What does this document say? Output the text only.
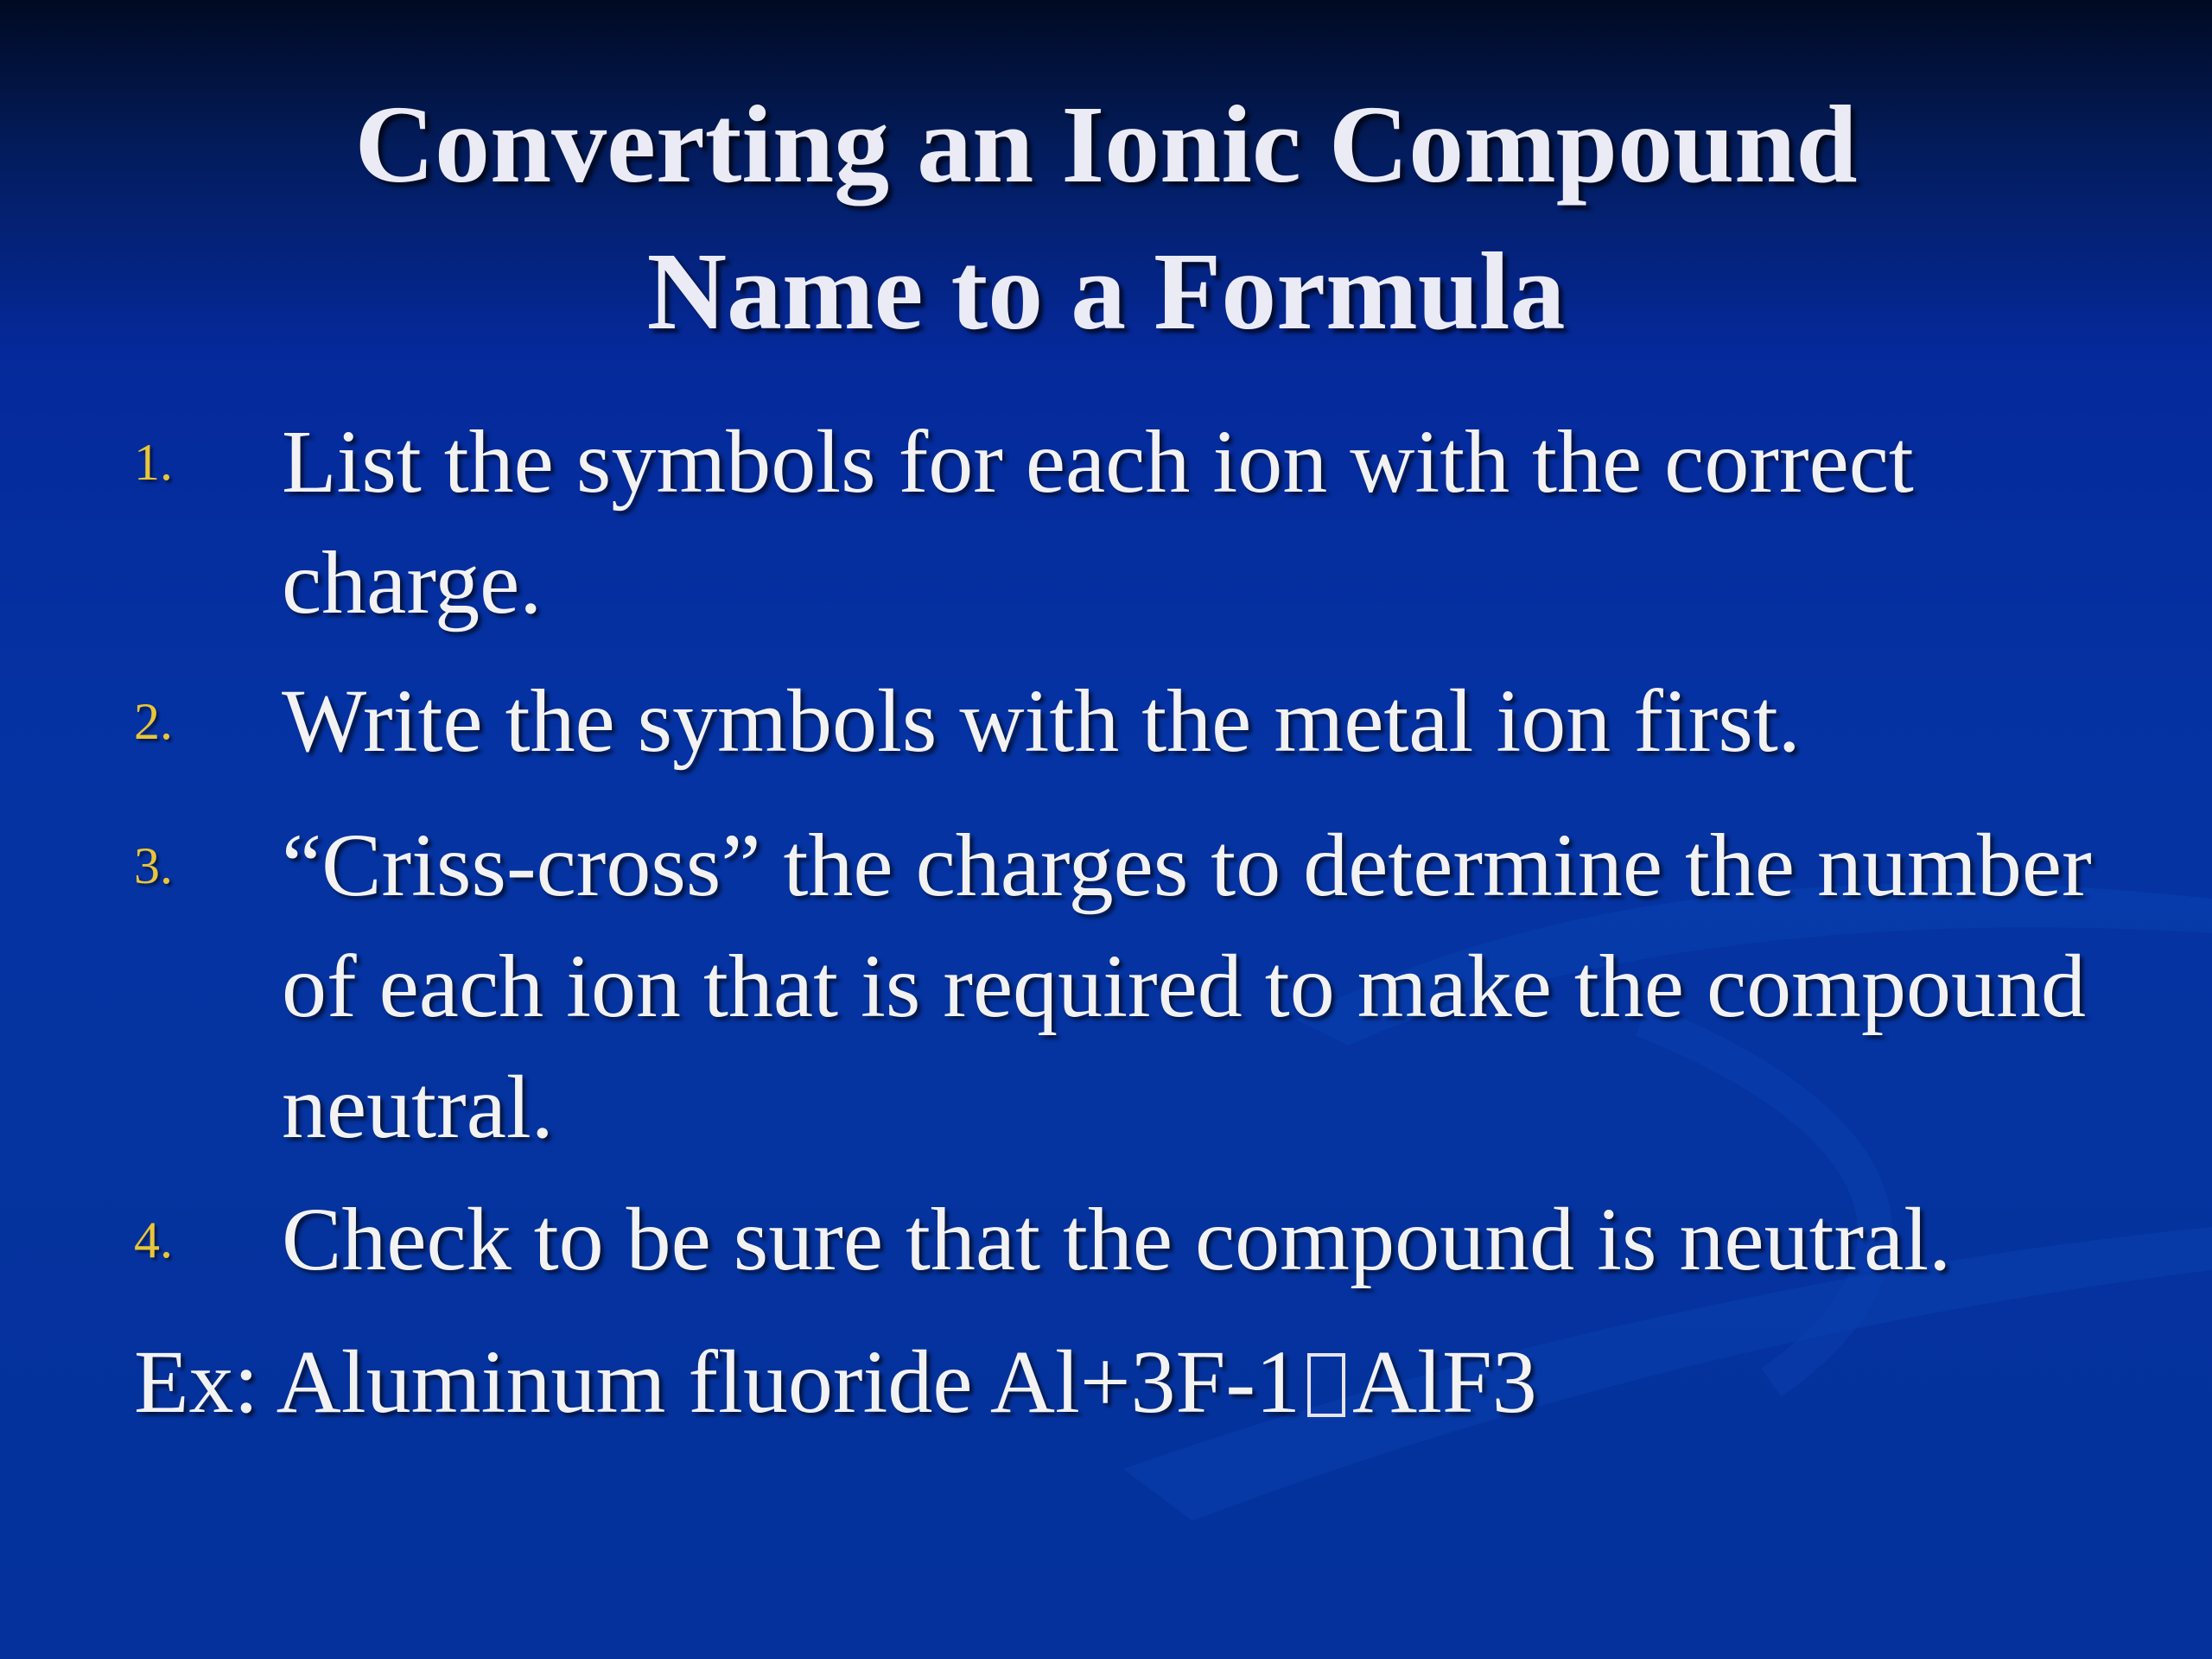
Converting an Ionic Compound
Name to a Formula
1.	List the symbols for each ion with the correct charge.
2.	Write the symbols with the metal ion first.
3.	“Criss-cross” the charges to determine the number of each ion that is required to make the compound neutral.
4.	Check to be sure that the compound is neutral.
Ex: Aluminum fluoride Al+3F-1 AlF3
